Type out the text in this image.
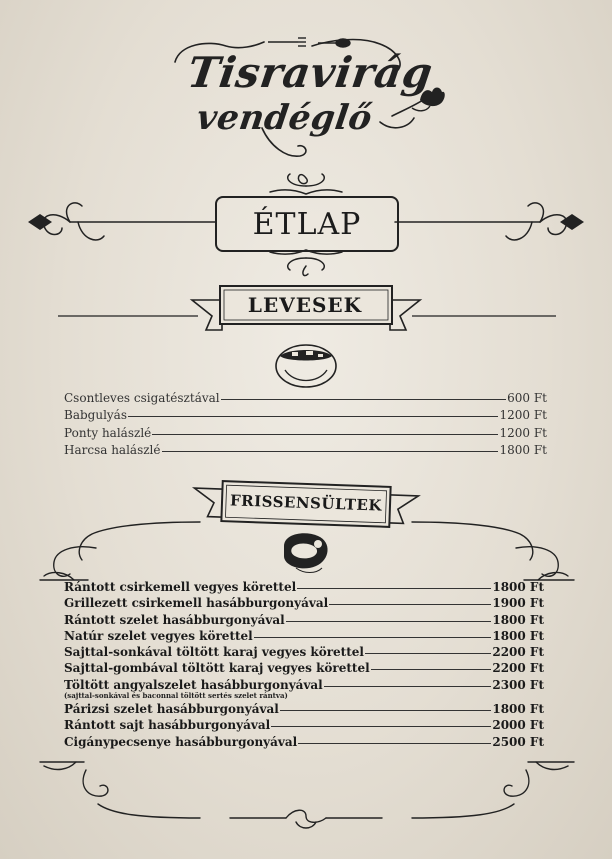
Tisravirág
vendéglő
ÉTLAP
LEVESEK
Csontleves csigatésztával	600 Ft
Babgulyás	1200 Ft
Ponty halászlé	1200 Ft
Harcsa halászlé	1800 Ft
FRISSENSÜLTEK
Rántott csirkemell vegyes körettel	1800 Ft
Grillezett csirkemell hasábburgonyával	1900 Ft
Rántott szelet hasábburgonyával	1800 Ft
Natúr szelet vegyes körettel	1800 Ft
Sajttal-sonkával töltött karaj vegyes körettel	2200 Ft
Sajttal-gombával töltött karaj vegyes körettel	2200 Ft
Töltött angyalszelet hasábburgonyával	2300 Ft
(sajttal-sonkával és baconnal töltött sertés szelet rántva)
Párizsi szelet hasábburgonyával	1800 Ft
Rántott sajt hasábburgonyával	2000 Ft
Cigánypecsenye hasábburgonyával	2500 Ft
